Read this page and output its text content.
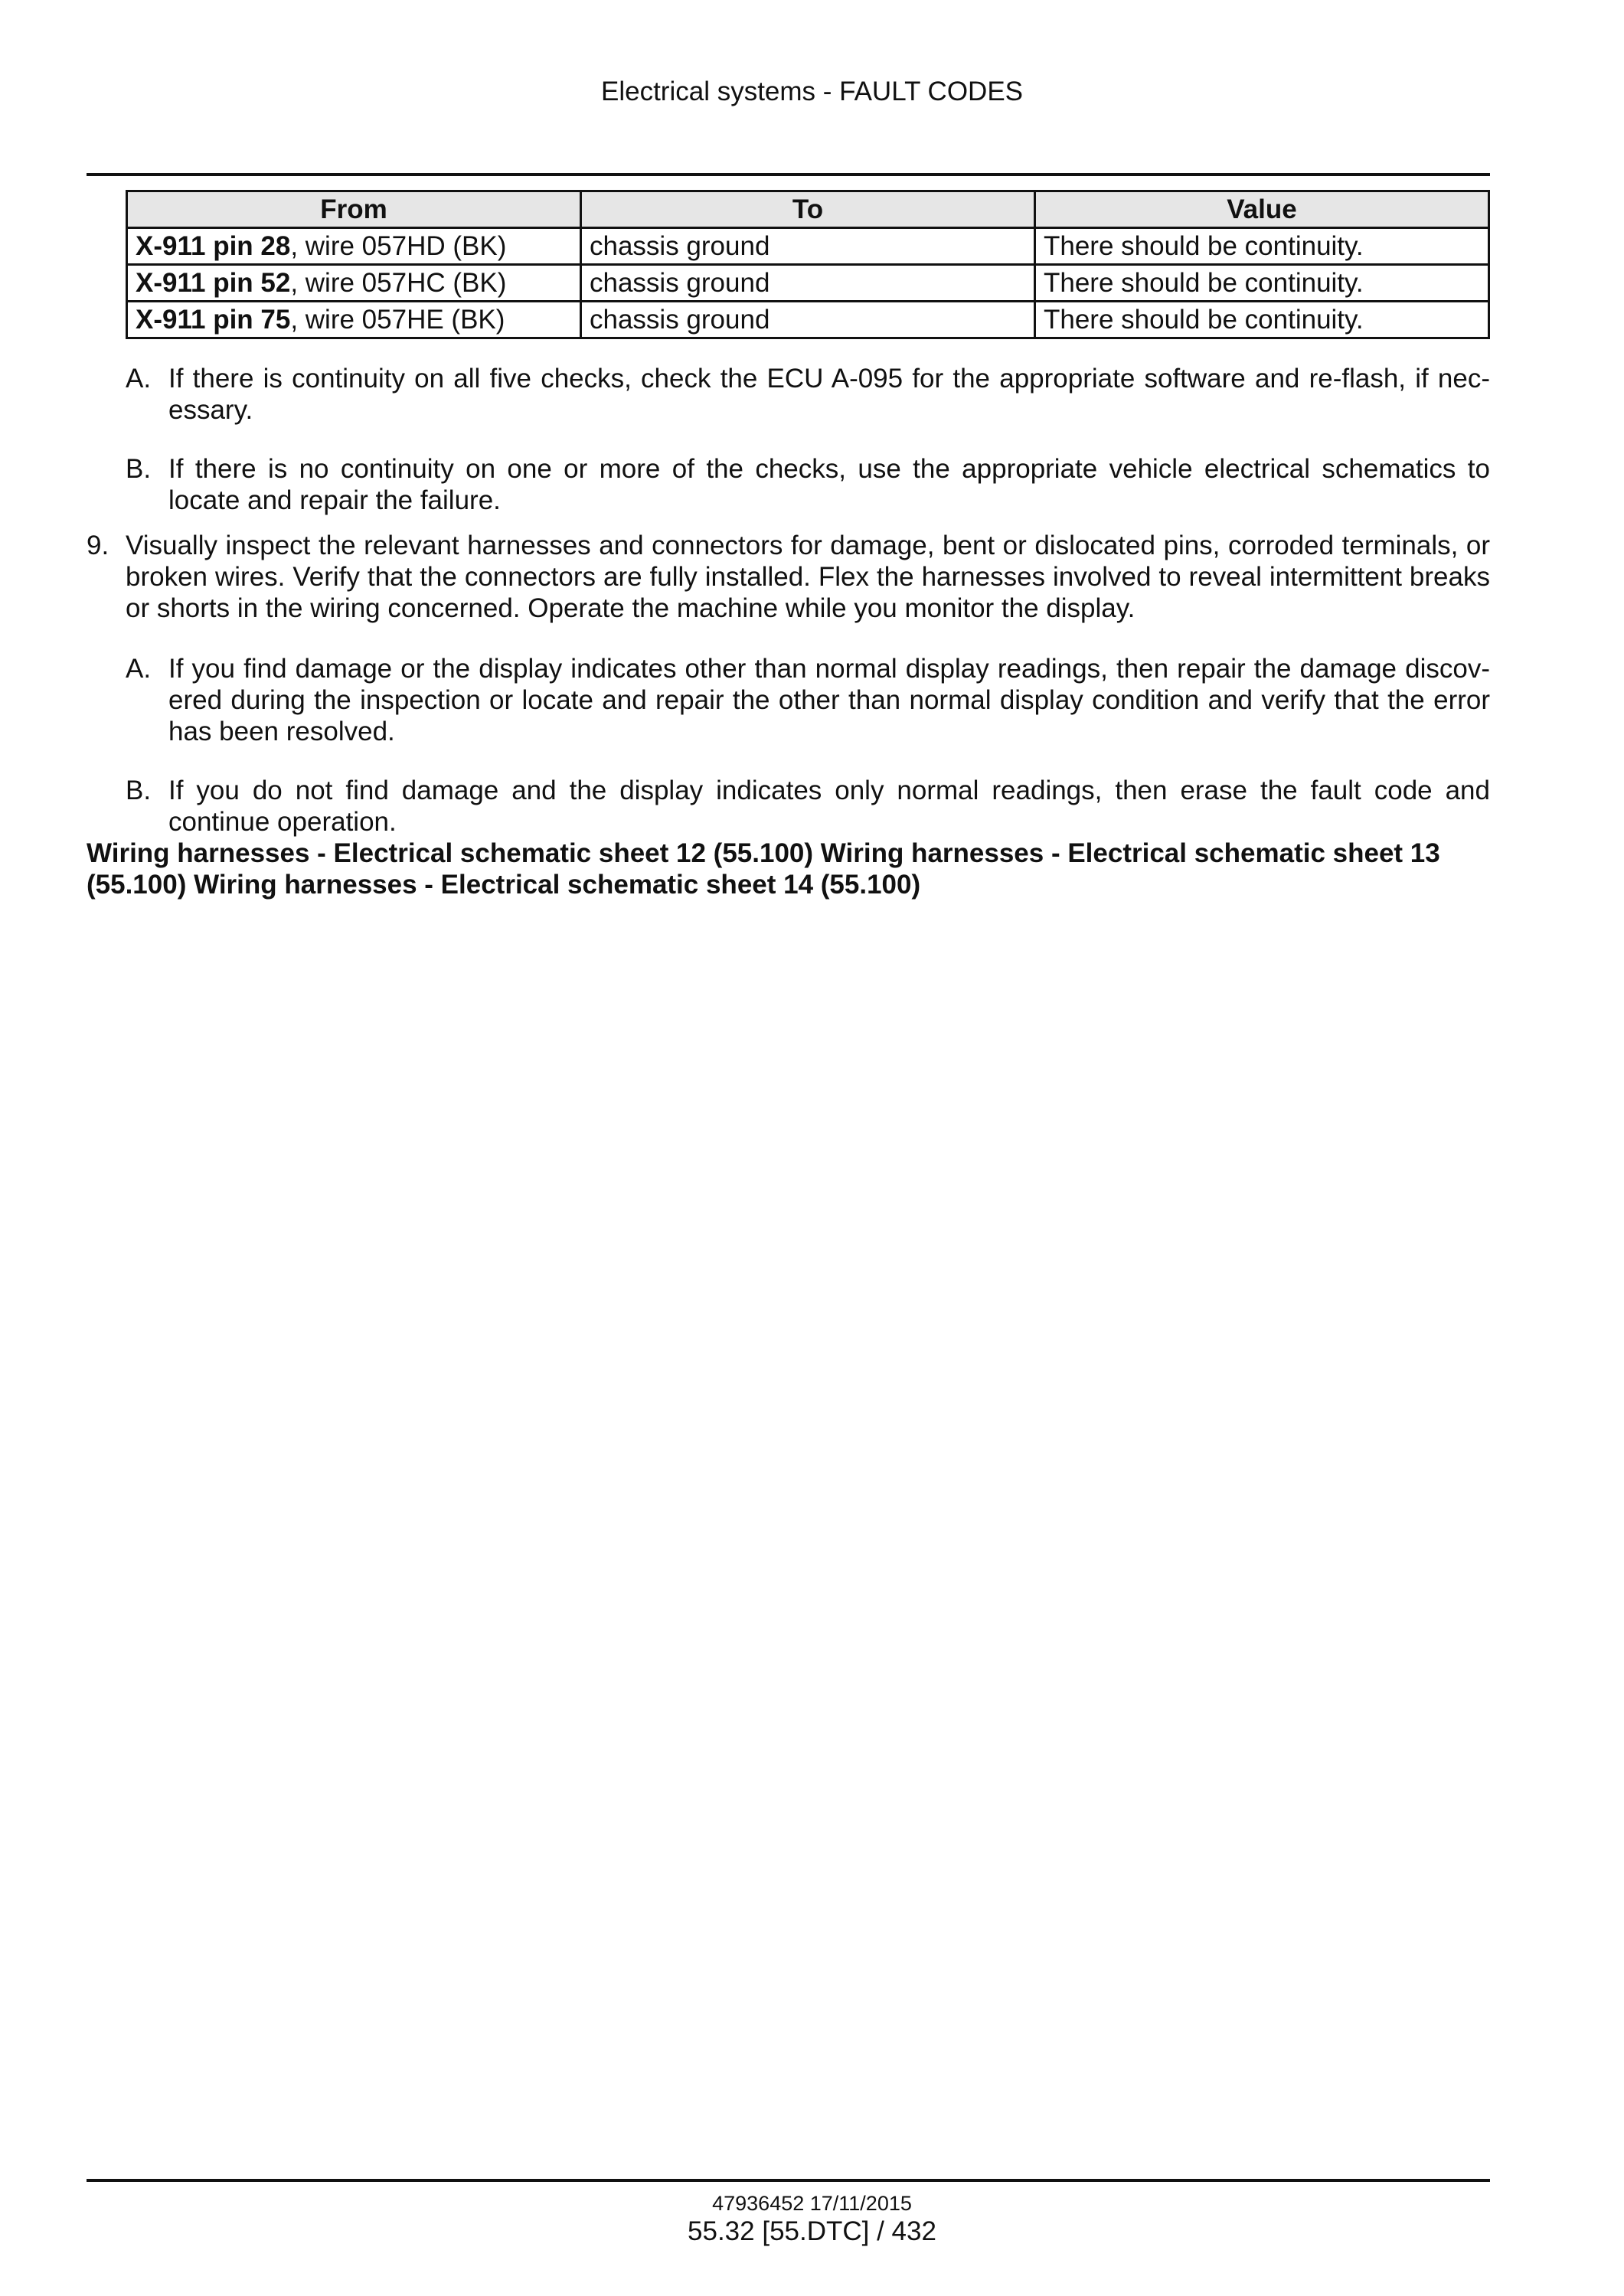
Electrical systems - FAULT CODES
From	To	Value
X-911 pin 28, wire 057HD (BK)	chassis ground	There should be continuity.
X-911 pin 52, wire 057HC (BK)	chassis ground	There should be continuity.
X-911 pin 75, wire 057HE (BK)	chassis ground	There should be continuity.
A. If there is continuity on all five checks, check the ECU A-095 for the appropriate software and re-flash, if nec- essary.
B. If there is no continuity on one or more of the checks, use the appropriate vehicle electrical schematics to locate and repair the failure.
9. Visually inspect the relevant harnesses and connectors for damage, bent or dislocated pins, corroded terminals, or broken wires. Verify that the connectors are fully installed. Flex the harnesses involved to reveal intermittent breaks or shorts in the wiring concerned. Operate the machine while you monitor the display.
A. If you find damage or the display indicates other than normal display readings, then repair the damage discov- ered during the inspection or locate and repair the other than normal display condition and verify that the error has been resolved.
B. If you do not find damage and the display indicates only normal readings, then erase the fault code and continue operation.
Wiring harnesses - Electrical schematic sheet 12 (55.100) Wiring harnesses - Electrical schematic sheet 13 (55.100) Wiring harnesses - Electrical schematic sheet 14 (55.100)
47936452 17/11/2015
55.32 [55.DTC] / 432
